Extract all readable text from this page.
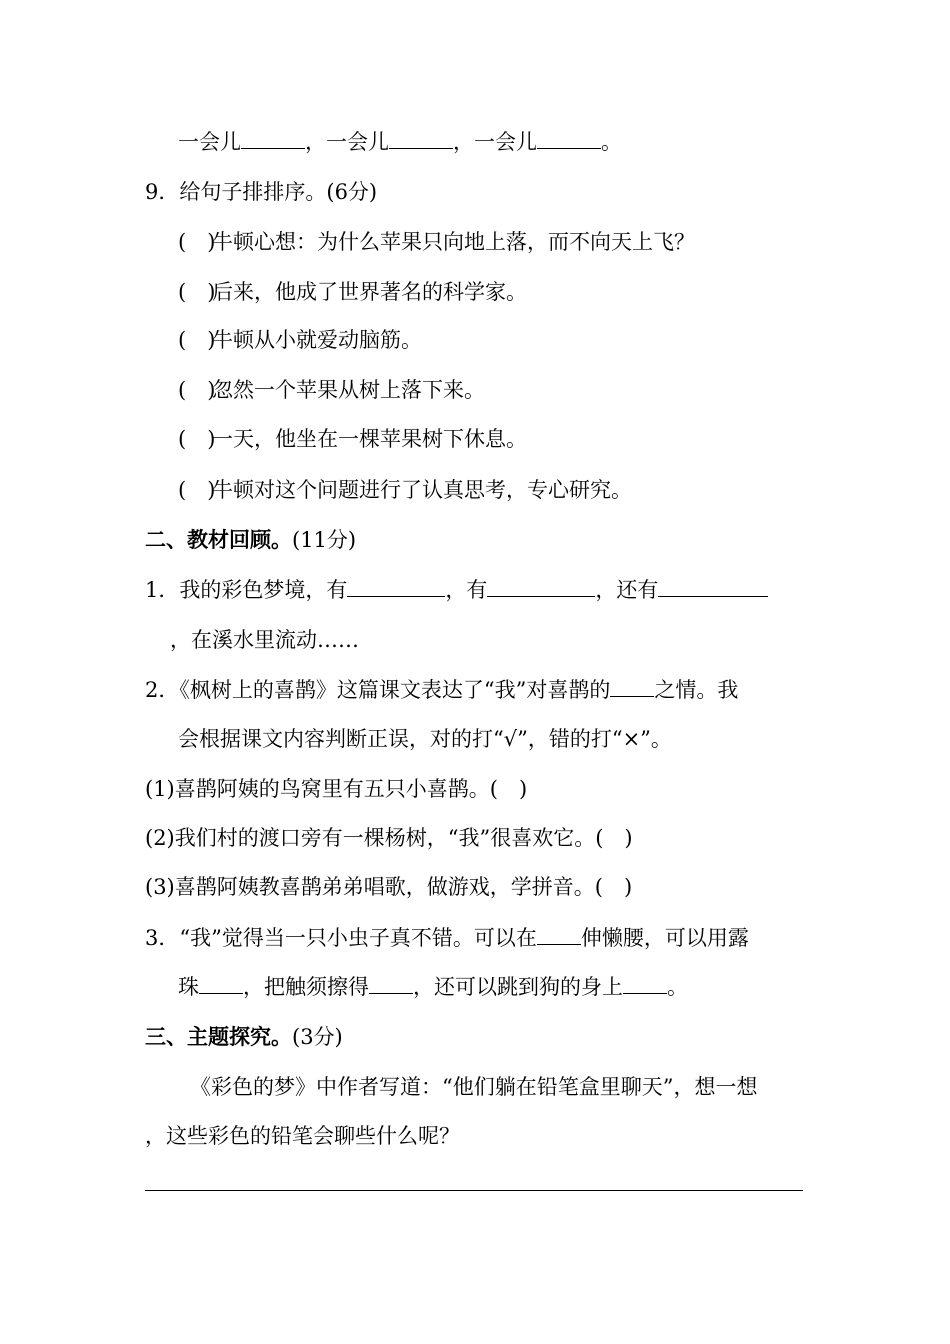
一会儿	，一会儿	，一会儿	。
9．给句子排排序。(6分)
(　)牛顿心想：为什么苹果只向地上落，而不向天上飞？
(　)后来，他成了世界著名的科学家。
(　)牛顿从小就爱动脑筋。
(　)忽然一个苹果从树上落下来。
(　)一天，他坐在一棵苹果树下休息。
(　)牛顿对这个问题进行了认真思考，专心研究。
二、教材回顾。(11分)
1．我的彩色梦境，有	，有	，还有
，在溪水里流动……
2．《枫树上的喜鹊》这篇课文表达了“我”对喜鹊的 之情。我
会根据课文内容判断正误，对的打“√”，错的打“×”。
(1)喜鹊阿姨的鸟窝里有五只小喜鹊。(　)
(2)我们村的渡口旁有一棵杨树，“我”很喜欢它。(　)
(3)喜鹊阿姨教喜鹊弟弟唱歌，做游戏，学拼音。(　)
3．“我”觉得当一只小虫子真不错。可以在 伸懒腰，可以用露
珠 ，把触须擦得 ，还可以跳到狗的身上 。
三、主题探究。(3分)
《彩色的梦》中作者写道：“他们躺在铅笔盒里聊天”，想一想
，这些彩色的铅笔会聊些什么呢？
